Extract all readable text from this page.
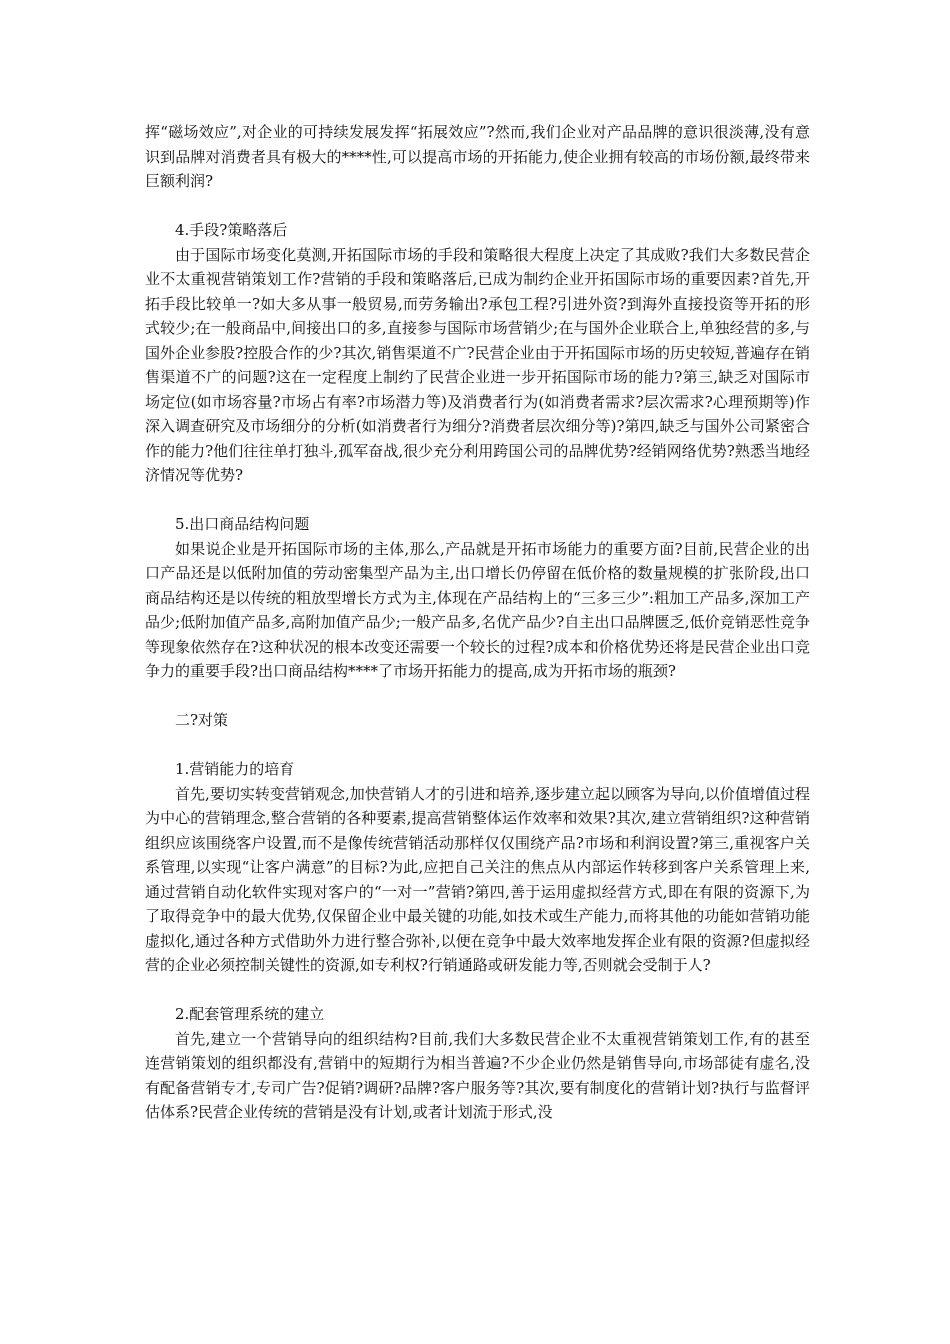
挥“磁场效应”,对企业的可持续发展发挥“拓展效应”?然而,我们企业对产品品牌的意识很淡薄,没有意识到品牌对消费者具有极大的****性,可以提高市场的开拓能力,使企业拥有较高的市场份额,最终带来巨额利润?

4.手段?策略落后

由于国际市场变化莫测,开拓国际市场的手段和策略很大程度上决定了其成败?我们大多数民营企业不太重视营销策划工作?营销的手段和策略落后,已成为制约企业开拓国际市场的重要因素?首先,开拓手段比较单一?如大多从事一般贸易,而劳务输出?承包工程?引进外资?到海外直接投资等开拓的形式较少;在一般商品中,间接出口的多,直接参与国际市场营销少;在与国外企业联合上,单独经营的多,与国外企业参股?控股合作的少?其次,销售渠道不广?民营企业由于开拓国际市场的历史较短,普遍存在销售渠道不广的问题?这在一定程度上制约了民营企业进一步开拓国际市场的能力?第三,缺乏对国际市场定位(如市场容量?市场占有率?市场潜力等)及消费者行为(如消费者需求?层次需求?心理预期等)作深入调查研究及市场细分的分析(如消费者行为细分?消费者层次细分等)?第四,缺乏与国外公司紧密合作的能力?他们往往单打独斗,孤军奋战,很少充分利用跨国公司的品牌优势?经销网络优势?熟悉当地经济情况等优势?

5.出口商品结构问题

如果说企业是开拓国际市场的主体,那么,产品就是开拓市场能力的重要方面?目前,民营企业的出口产品还是以低附加值的劳动密集型产品为主,出口增长仍停留在低价格的数量规模的扩张阶段,出口商品结构还是以传统的粗放型增长方式为主,体现在产品结构上的“三多三少”:粗加工产品多,深加工产品少;低附加值产品多,高附加值产品少;一般产品多,名优产品少?自主出口品牌匮乏,低价竞销恶性竞争等现象依然存在?这种状况的根本改变还需要一个较长的过程?成本和价格优势还将是民营企业出口竞争力的重要手段?出口商品结构****了市场开拓能力的提高,成为开拓市场的瓶颈?

二?对策

1.营销能力的培育

首先,要切实转变营销观念,加快营销人才的引进和培养,逐步建立起以顾客为导向,以价值增值过程为中心的营销理念,整合营销的各种要素,提高营销整体运作效率和效果?其次,建立营销组织?这种营销组织应该围绕客户设置,而不是像传统营销活动那样仅仅围绕产品?市场和利润设置?第三,重视客户关系管理,以实现“让客户满意”的目标?为此,应把自己关注的焦点从内部运作转移到客户关系管理上来,通过营销自动化软件实现对客户的“一对一”营销?第四,善于运用虚拟经营方式,即在有限的资源下,为了取得竞争中的最大优势,仅保留企业中最关键的功能,如技术或生产能力,而将其他的功能如营销功能虚拟化,通过各种方式借助外力进行整合弥补,以便在竞争中最大效率地发挥企业有限的资源?但虚拟经营的企业必须控制关键性的资源,如专利权?行销通路或研发能力等,否则就会受制于人?

2.配套管理系统的建立

首先,建立一个营销导向的组织结构?目前,我们大多数民营企业不太重视营销策划工作,有的甚至连营销策划的组织都没有,营销中的短期行为相当普遍?不少企业仍然是销售导向,市场部徒有虚名,没有配备营销专才,专司广告?促销?调研?品牌?客户服务等?其次,要有制度化的营销计划?执行与监督评估体系?民营企业传统的营销是没有计划,或者计划流于形式,没
